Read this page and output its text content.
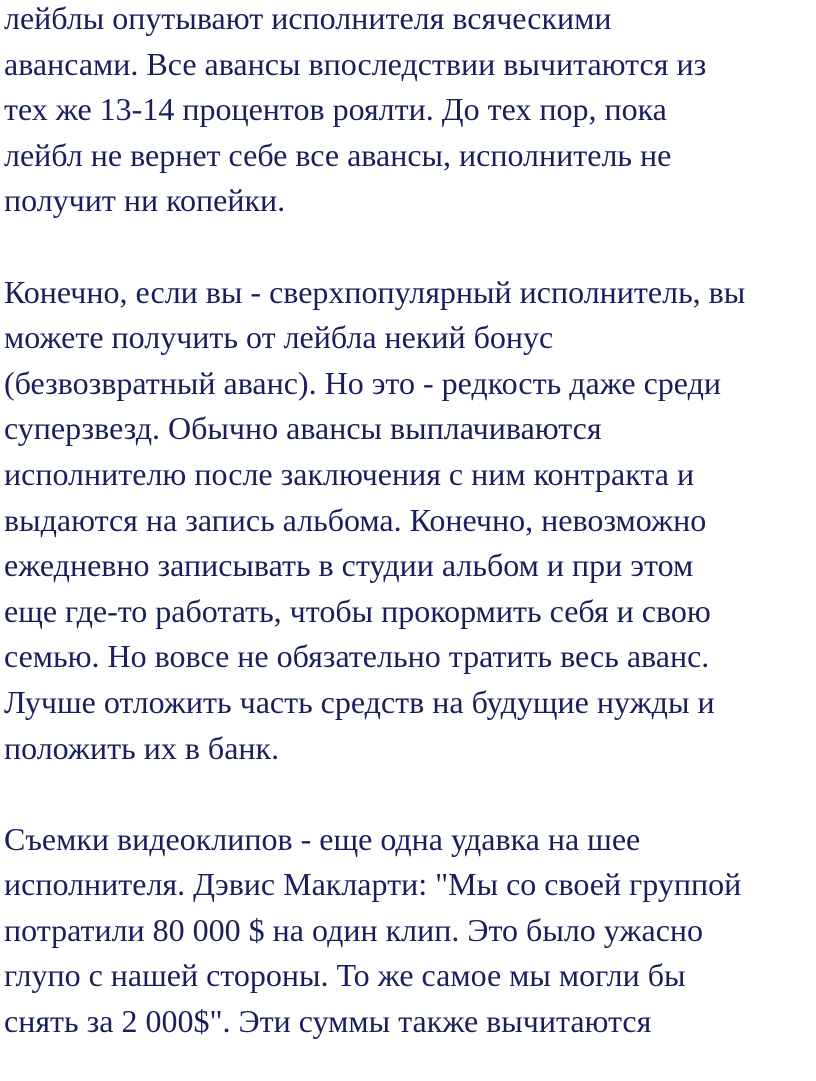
лейблы опутывают исполнителя всяческими
авансами. Все авансы впоследствии вычитаются из
тех же 13-14 процентов роялти. До тех пор, пока
лейбл не вернет себе все авансы, исполнитель не
получит ни копейки.
Конечно, если вы - сверхпопулярный исполнитель, вы
можете получить от лейбла некий бонус
(безвозвратный аванс). Но это - редкость даже среди
суперзвезд. Обычно авансы выплачиваются
исполнителю после заключения с ним контракта и
выдаются на запись альбома. Конечно, невозможно
ежедневно записывать в студии альбом и при этом
еще где-то работать, чтобы прокормить себя и свою
семью. Но вовсе не обязательно тратить весь аванс.
Лучше отложить часть средств на будущие нужды и
положить их в банк.
Съемки видеоклипов - еще одна удавка на шее
исполнителя. Дэвис Макларти: "Мы со своей группой
потратили 80 000 $ на один клип. Это было ужасно
глупо с нашей стороны. То же самое мы могли бы
снять за 2 000$". Эти суммы также вычитаются
